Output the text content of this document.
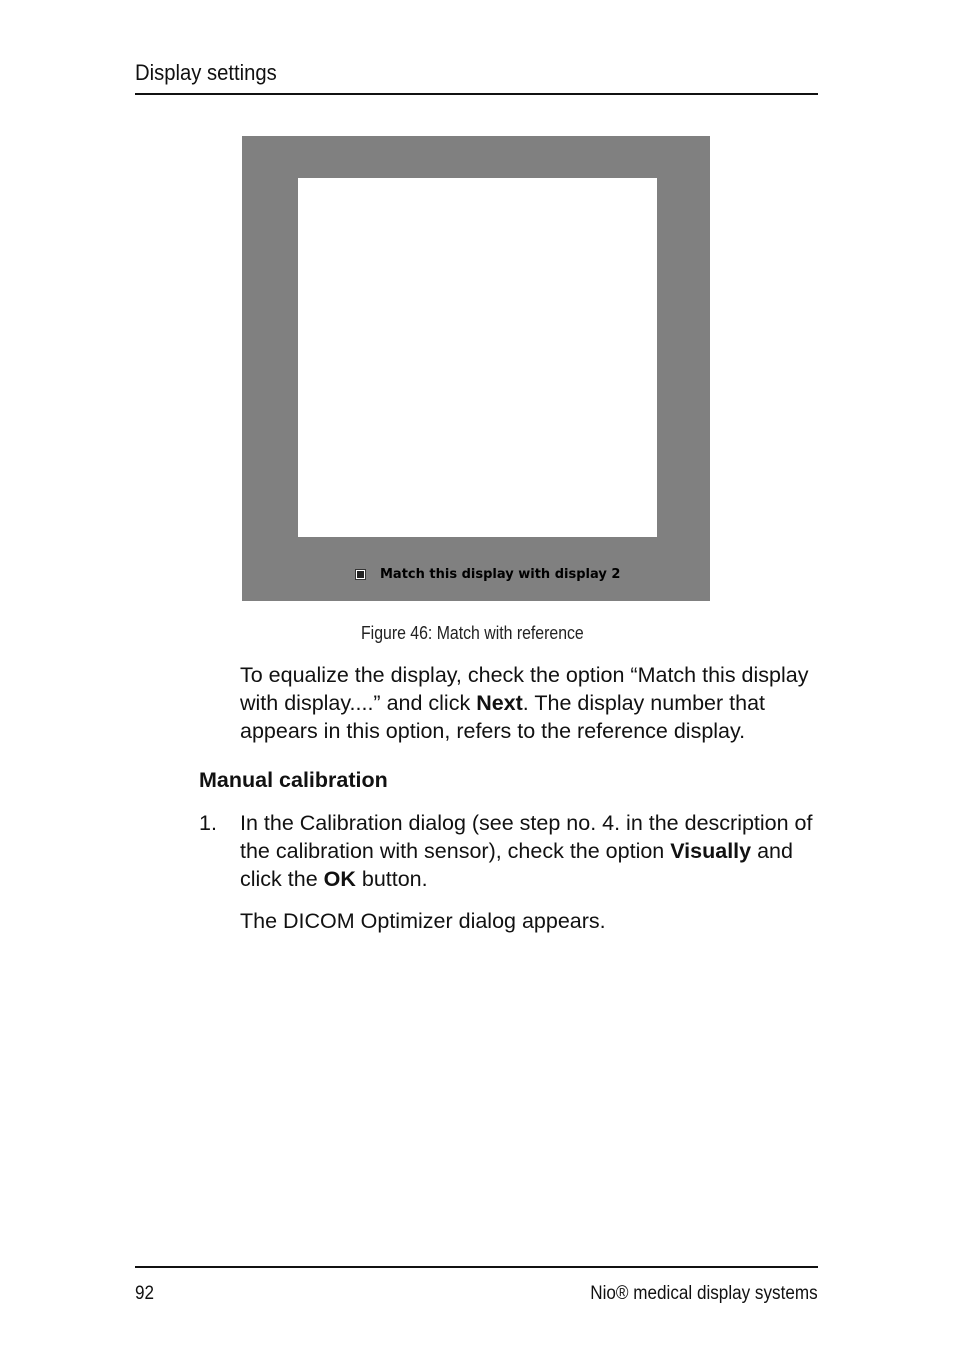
Display settings
Match this display with display 2
Figure 46: Match with reference
To equalize the display, check the option “Match this display with display....” and click Next. The display number that appears in this option, refers to the reference display.
Manual calibration
1. In the Calibration dialog (see step no. 4. in the description of the calibration with sensor), check the option Visually and click the OK button.
The DICOM Optimizer dialog appears.
92	Nio® medical display systems
